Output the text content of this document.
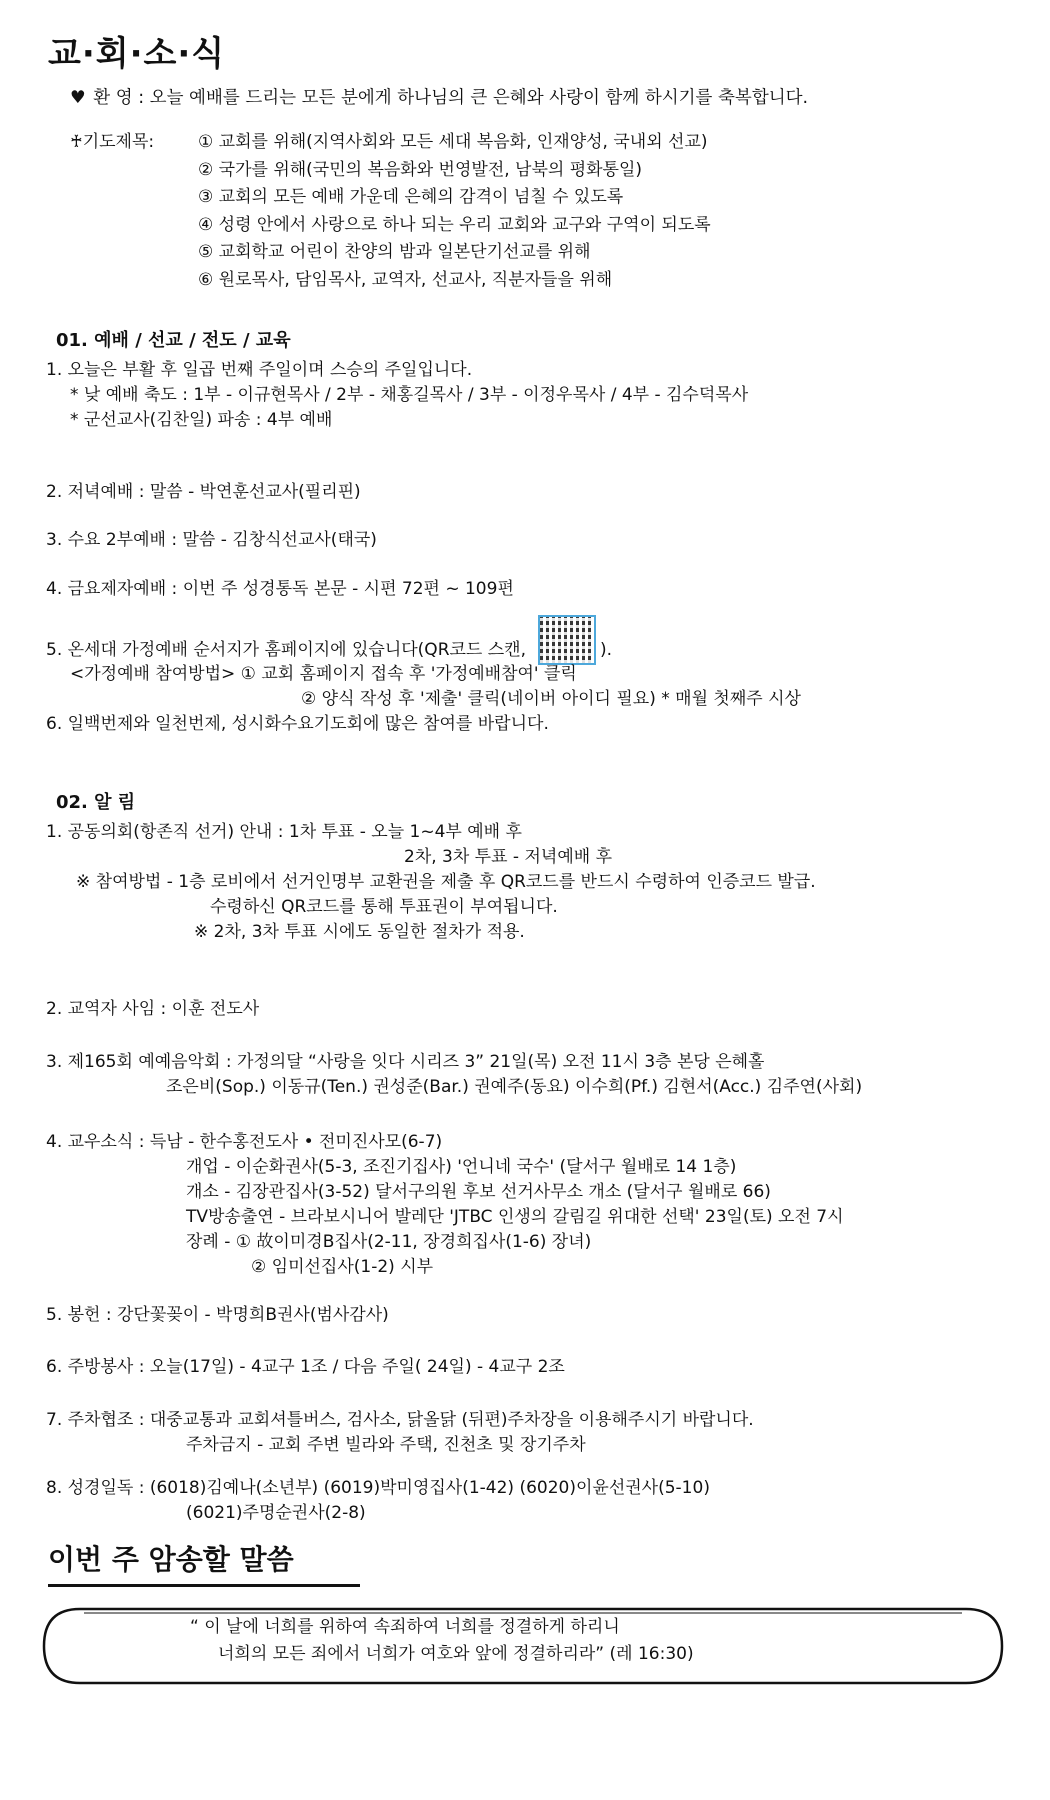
교·회·소·식
♥ 환 영 : 오늘 예배를 드리는 모든 분에게 하나님의 큰 은혜와 사랑이 함께 하시기를 축복합니다.
♰기도제목:	① 교회를 위해(지역사회와 모든 세대 복음화, 인재양성, 국내외 선교)
② 국가를 위해(국민의 복음화와 번영발전, 남북의 평화통일)
③ 교회의 모든 예배 가운데 은혜의 감격이 넘칠 수 있도록
④ 성령 안에서 사랑으로 하나 되는 우리 교회와 교구와 구역이 되도록
⑤ 교회학교 어린이 찬양의 밤과 일본단기선교를 위해
⑥ 원로목사, 담임목사, 교역자, 선교사, 직분자들을 위해
01. 예배 / 선교 / 전도 / 교육
1. 오늘은 부활 후 일곱 번째 주일이며 스승의 주일입니다.
* 낮 예배 축도 : 1부 - 이규현목사 / 2부 - 채홍길목사 / 3부 - 이정우목사 / 4부 - 김수덕목사
* 군선교사(김찬일) 파송 : 4부 예배
2. 저녁예배 : 말씀 - 박연훈선교사(필리핀)
3. 수요 2부예배 : 말씀 - 김창식선교사(태국)
4. 금요제자예배 : 이번 주 성경통독 본문 - 시편 72편 ~ 109편
5. 온세대 가정예배 순서지가 홈페이지에 있습니다(QR코드 스캔,	).
<가정예배 참여방법> ① 교회 홈페이지 접속 후 '가정예배참여' 클릭
② 양식 작성 후 '제출' 클릭(네이버 아이디 필요) * 매월 첫째주 시상
6. 일백번제와 일천번제, 성시화수요기도회에 많은 참여를 바랍니다.
02. 알 림
1. 공동의회(항존직 선거) 안내 : 1차 투표 - 오늘 1~4부 예배 후
2차, 3차 투표 - 저녁예배 후
※ 참여방법 - 1층 로비에서 선거인명부 교환권을 제출 후 QR코드를 반드시 수령하여 인증코드 발급.
수령하신 QR코드를 통해 투표권이 부여됩니다.
※ 2차, 3차 투표 시에도 동일한 절차가 적용.
2. 교역자 사임 : 이훈 전도사
3. 제165회 예예음악회 : 가정의달 “사랑을 잇다 시리즈 3” 21일(목) 오전 11시 3층 본당 은혜홀
조은비(Sop.) 이동규(Ten.) 권성준(Bar.) 권예주(동요) 이수희(Pf.) 김현서(Acc.) 김주연(사회)
4. 교우소식 : 득남 - 한수홍전도사 • 전미진사모(6-7)
개업 - 이순화권사(5-3, 조진기집사) '언니네 국수' (달서구 월배로 14 1층)
개소 - 김장관집사(3-52) 달서구의원 후보 선거사무소 개소 (달서구 월배로 66)
TV방송출연 - 브라보시니어 발레단 'JTBC 인생의 갈림길 위대한 선택' 23일(토) 오전 7시
장례 - ① 故이미경B집사(2-11, 장경희집사(1-6) 장녀)
② 임미선집사(1-2) 시부
5. 봉헌 : 강단꽃꽂이 - 박명희B권사(범사감사)
6. 주방봉사 : 오늘(17일) - 4교구 1조 / 다음 주일( 24일) - 4교구 2조
7. 주차협조 : 대중교통과 교회셔틀버스, 검사소, 닭올닭 (뒤편)주차장을 이용해주시기 바랍니다.
주차금지 - 교회 주변 빌라와 주택, 진천초 및 장기주차
8. 성경일독 : (6018)김예나(소년부) (6019)박미영집사(1-42) (6020)이윤선권사(5-10)
(6021)주명순권사(2-8)
이번 주 암송할 말씀
“ 이 날에 너희를 위하여 속죄하여 너희를 정결하게 하리니
너희의 모든 죄에서 너희가 여호와 앞에 정결하리라” (레 16:30)
